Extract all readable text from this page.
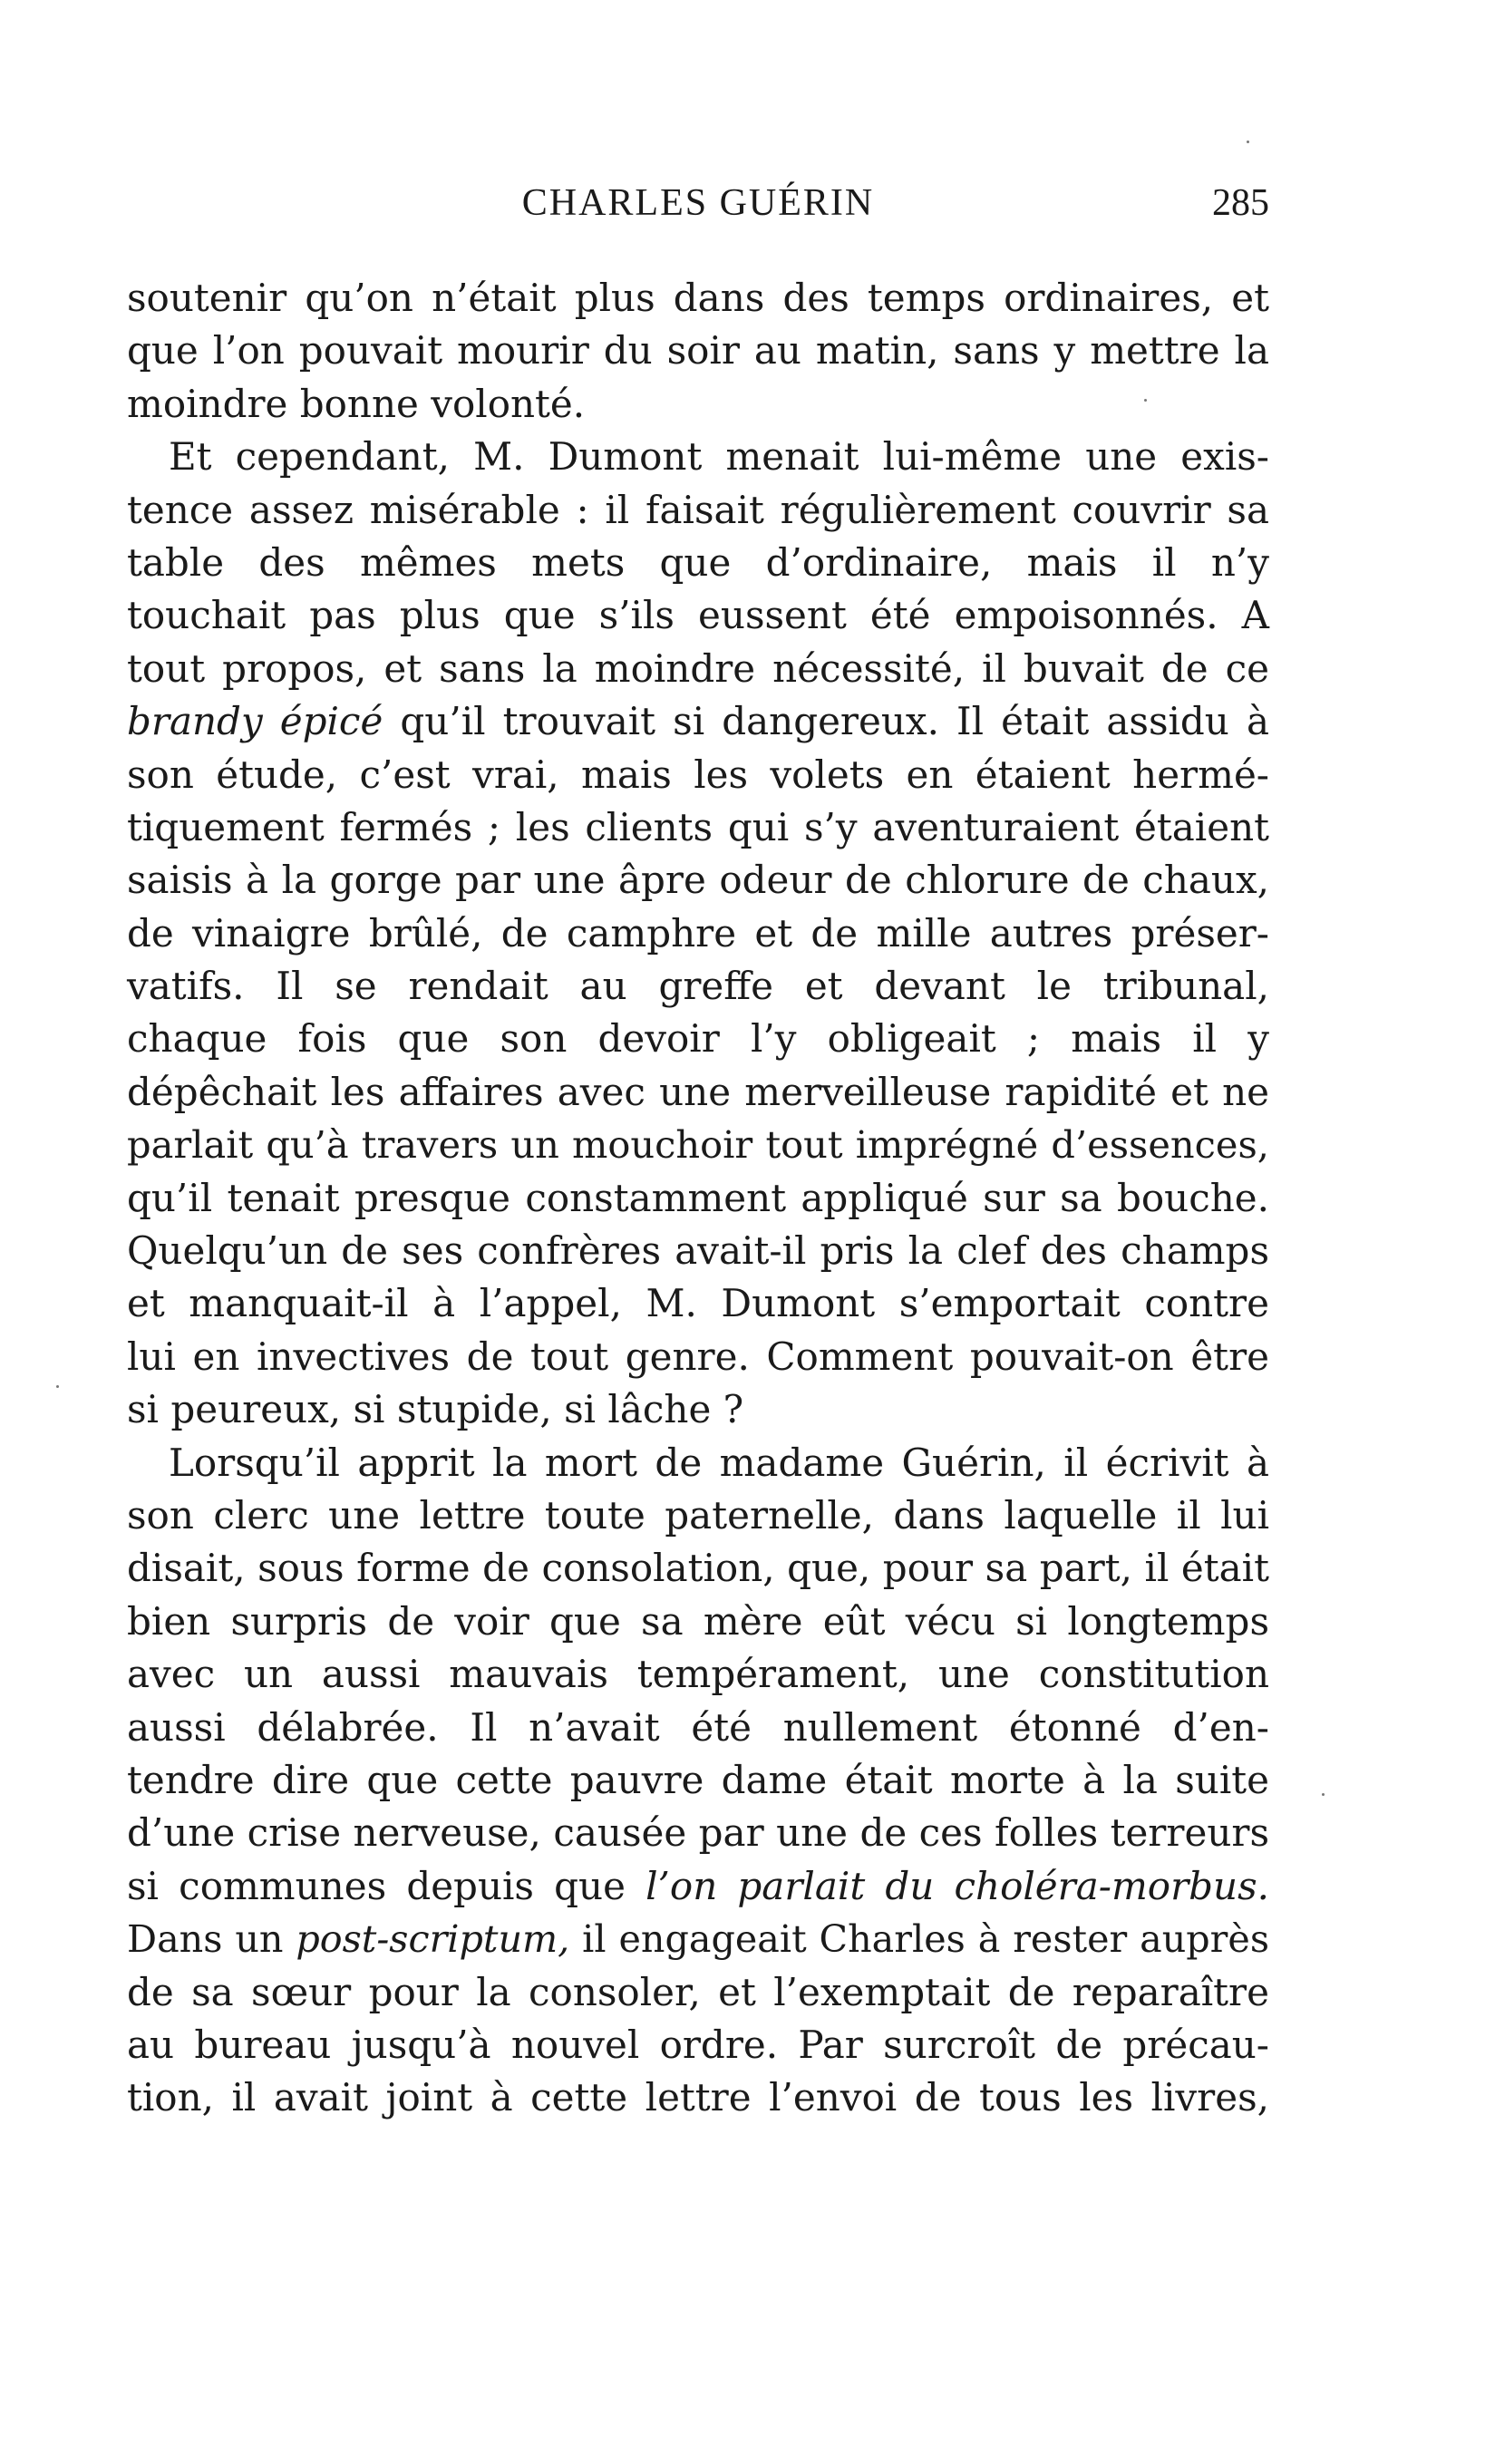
CHARLES GUÉRIN	285
soutenir qu’on n’était plus dans des temps ordinaires, et
que l’on pouvait mourir du soir au matin, sans y mettre la
moindre bonne volonté.
Et cependant, M. Dumont menait lui-même une exis-
tence assez misérable : il faisait régulièrement couvrir sa
table des mêmes mets que d’ordinaire, mais il n’y
touchait pas plus que s’ils eussent été empoisonnés. A
tout propos, et sans la moindre nécessité, il buvait de ce
brandy épicé qu’il trouvait si dangereux. Il était assidu à
son étude, c’est vrai, mais les volets en étaient hermé-
tiquement fermés ; les clients qui s’y aventuraient étaient
saisis à la gorge par une âpre odeur de chlorure de chaux,
de vinaigre brûlé, de camphre et de mille autres préser-
vatifs. Il se rendait au greffe et devant le tribunal,
chaque fois que son devoir l’y obligeait ; mais il y
dépêchait les affaires avec une merveilleuse rapidité et ne
parlait qu’à travers un mouchoir tout imprégné d’essences,
qu’il tenait presque constamment appliqué sur sa bouche.
Quelqu’un de ses confrères avait-il pris la clef des champs
et manquait-il à l’appel, M. Dumont s’emportait contre
lui en invectives de tout genre. Comment pouvait-on être
si peureux, si stupide, si lâche ?
Lorsqu’il apprit la mort de madame Guérin, il écrivit à
son clerc une lettre toute paternelle, dans laquelle il lui
disait, sous forme de consolation, que, pour sa part, il était
bien surpris de voir que sa mère eût vécu si longtemps
avec un aussi mauvais tempérament, une constitution
aussi délabrée. Il n’avait été nullement étonné d’en-
tendre dire que cette pauvre dame était morte à la suite
d’une crise nerveuse, causée par une de ces folles terreurs
si communes depuis que l’on parlait du choléra-morbus.
Dans un post-scriptum, il engageait Charles à rester auprès
de sa sœur pour la consoler, et l’exemptait de reparaître
au bureau jusqu’à nouvel ordre. Par surcroît de précau-
tion, il avait joint à cette lettre l’envoi de tous les livres,
